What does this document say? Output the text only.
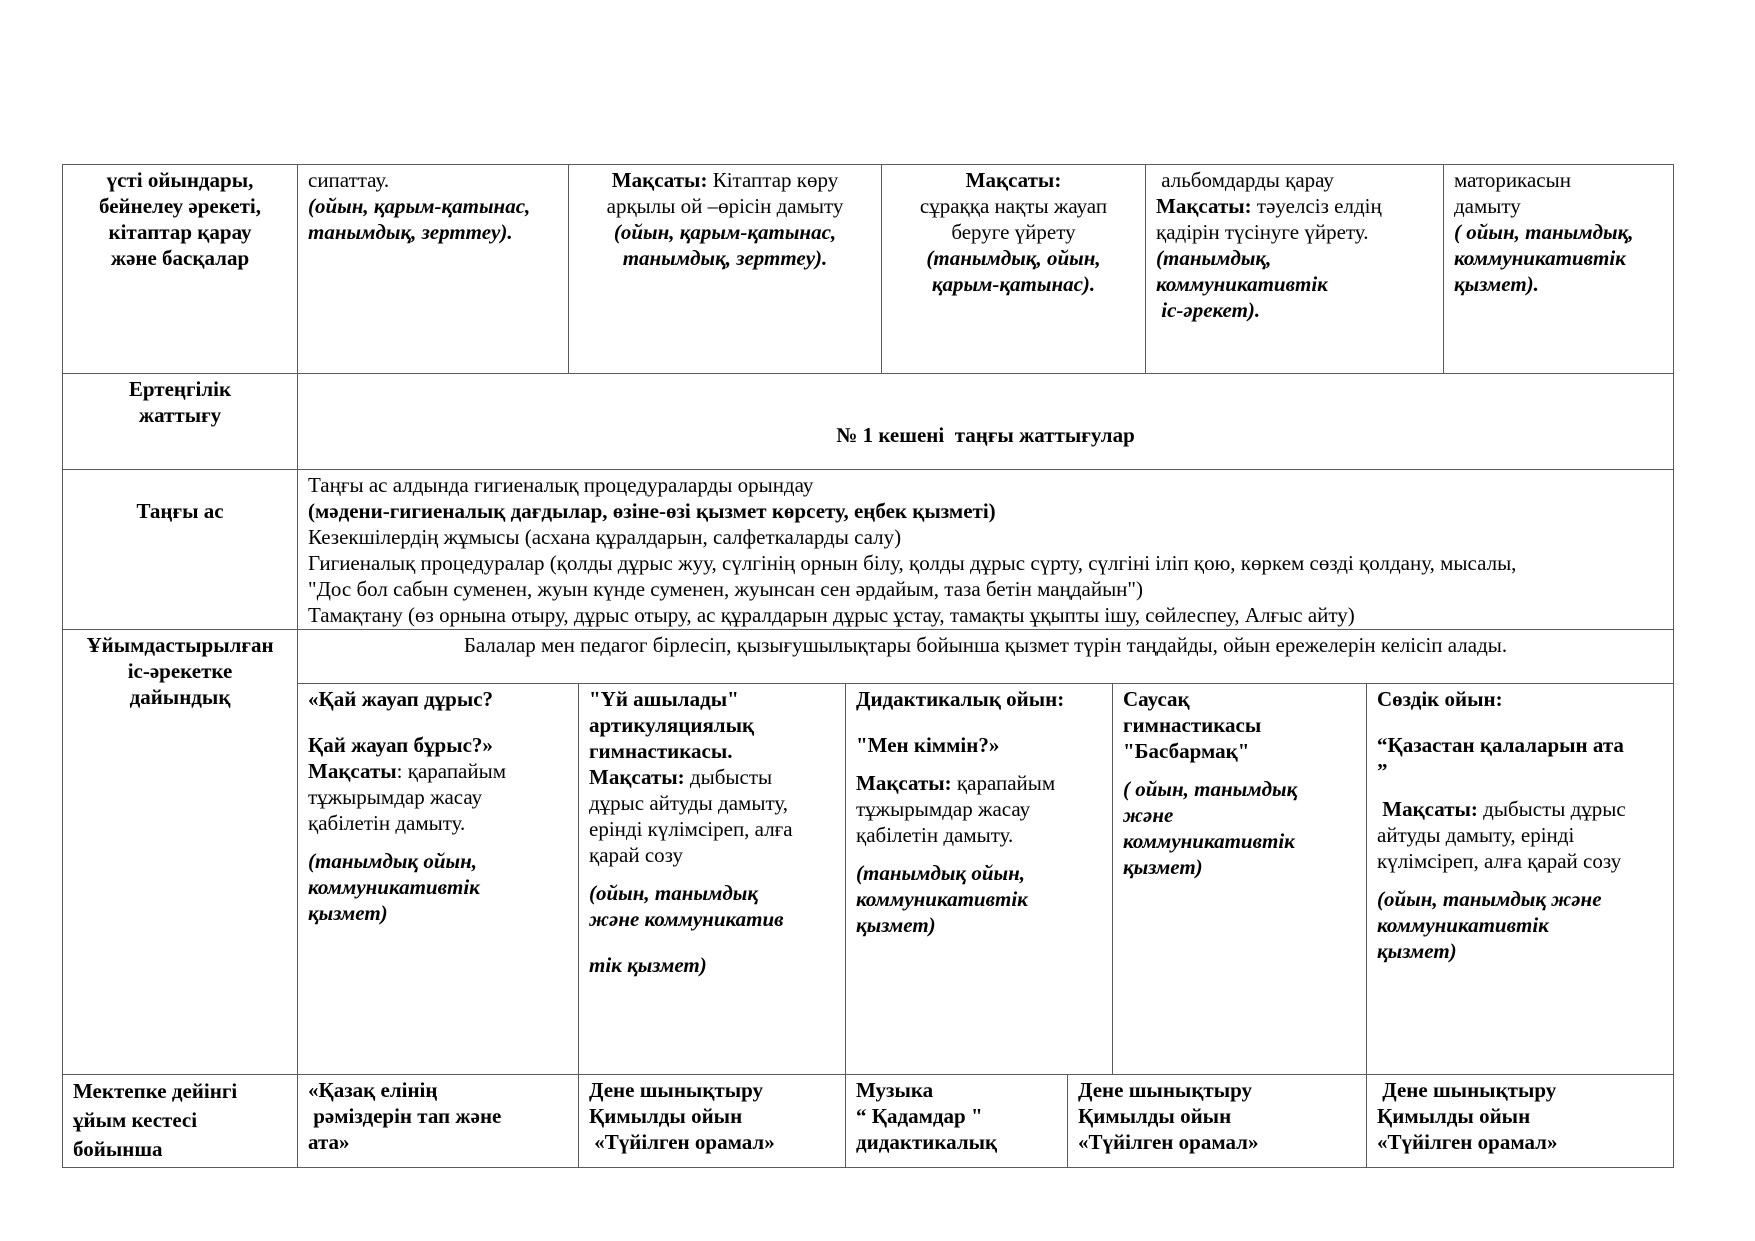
үсті ойындары,
бейнелеу әрекеті,
кітаптар қарау
және басқалар
сипаттау.
(ойын, қарым-қатынас,
танымдық, зерттеу).
Мақсаты: Кітаптар көру
арқылы ой –өрісін дамыту
(ойын, қарым-қатынас,
танымдық, зерттеу).
Мақсаты:
сұраққа нақты жауап
беруге үйрету
(танымдық, ойын,
қарым-қатынас).
альбомдарды қарау
Мақсаты: тәуелсіз елдің
қадірін түсінуге үйрету.
(танымдық,
коммуникативтік
іс-әрекет).
маторикасын
дамыту
( ойын, танымдық,
коммуникативтік
қызмет).
Ертеңгілік
жаттығу
№ 1 кешені  таңғы жаттығулар
Таңғы ас
Таңғы ас алдында гигиеналық процедураларды орындау
(мәдени-гигиеналық дағдылар, өзіне-өзі қызмет көрсету, еңбек қызметі)
Кезекшілердің жұмысы (асхана құралдарын, салфеткаларды салу)
Гигиеналық процедуралар (қолды дұрыс жуу, сүлгінің орнын білу, қолды дұрыс сүрту, сүлгіні іліп қою, көркем сөзді қолдану, мысалы,
"Дос бол сабын суменен, жуын күнде суменен, жуынсан сен әрдайым, таза бетін маңдайын")
Тамақтану (өз орнына отыру, дұрыс отыру, ас құралдарын дұрыс ұстау, тамақты ұқыпты ішу, сөйлеспеу, Алғыс айту)
Ұйымдастырылған
іс-әрекетке
дайындық
Балалар мен педагог бірлесіп, қызығушылықтары бойынша қызмет түрін таңдайды, ойын ережелерін келісіп алады.
«Қай жауап дұрыс?
Қай жауап бұрыс?»
Мақсаты: қарапайым
тұжырымдар жасау
қабілетін дамыту.
(танымдық ойын,
коммуникативтік
қызмет)
"Үй ашылады"
артикуляциялық
гимнастикасы.
Мақсаты: дыбысты
дұрыс айтуды дамыту,
ерінді күлімсіреп, алға
қарай созу
(ойын, танымдық
және коммуникатив
тік қызмет)
Дидактикалық ойын:
"Мен кіммін?»
Мақсаты: қарапайым
тұжырымдар жасау
қабілетін дамыту.
(танымдық ойын,
коммуникативтік
қызмет)
Саусақ
гимнастикасы
"Басбармақ"
( ойын, танымдық
және
коммуникативтік
қызмет)
Сөздік ойын:
“Қазастан қалаларын ата
”
Мақсаты: дыбысты дұрыс
айтуды дамыту, ерінді
күлімсіреп, алға қарай созу
(ойын, танымдық және
коммуникативтік
қызмет)
Мектепке дейінгі
ұйым кестесі
бойынша
«Қазақ елінің
рәміздерін тап және
ата»
Дене шынықтыру
Қимылды ойын
«Түйілген орамал»
Музыка
“ Қадамдар "
дидактикалық
Дене шынықтыру
Қимылды ойын
«Түйілген орамал»
Дене шынықтыру
Қимылды ойын
«Түйілген орамал»
